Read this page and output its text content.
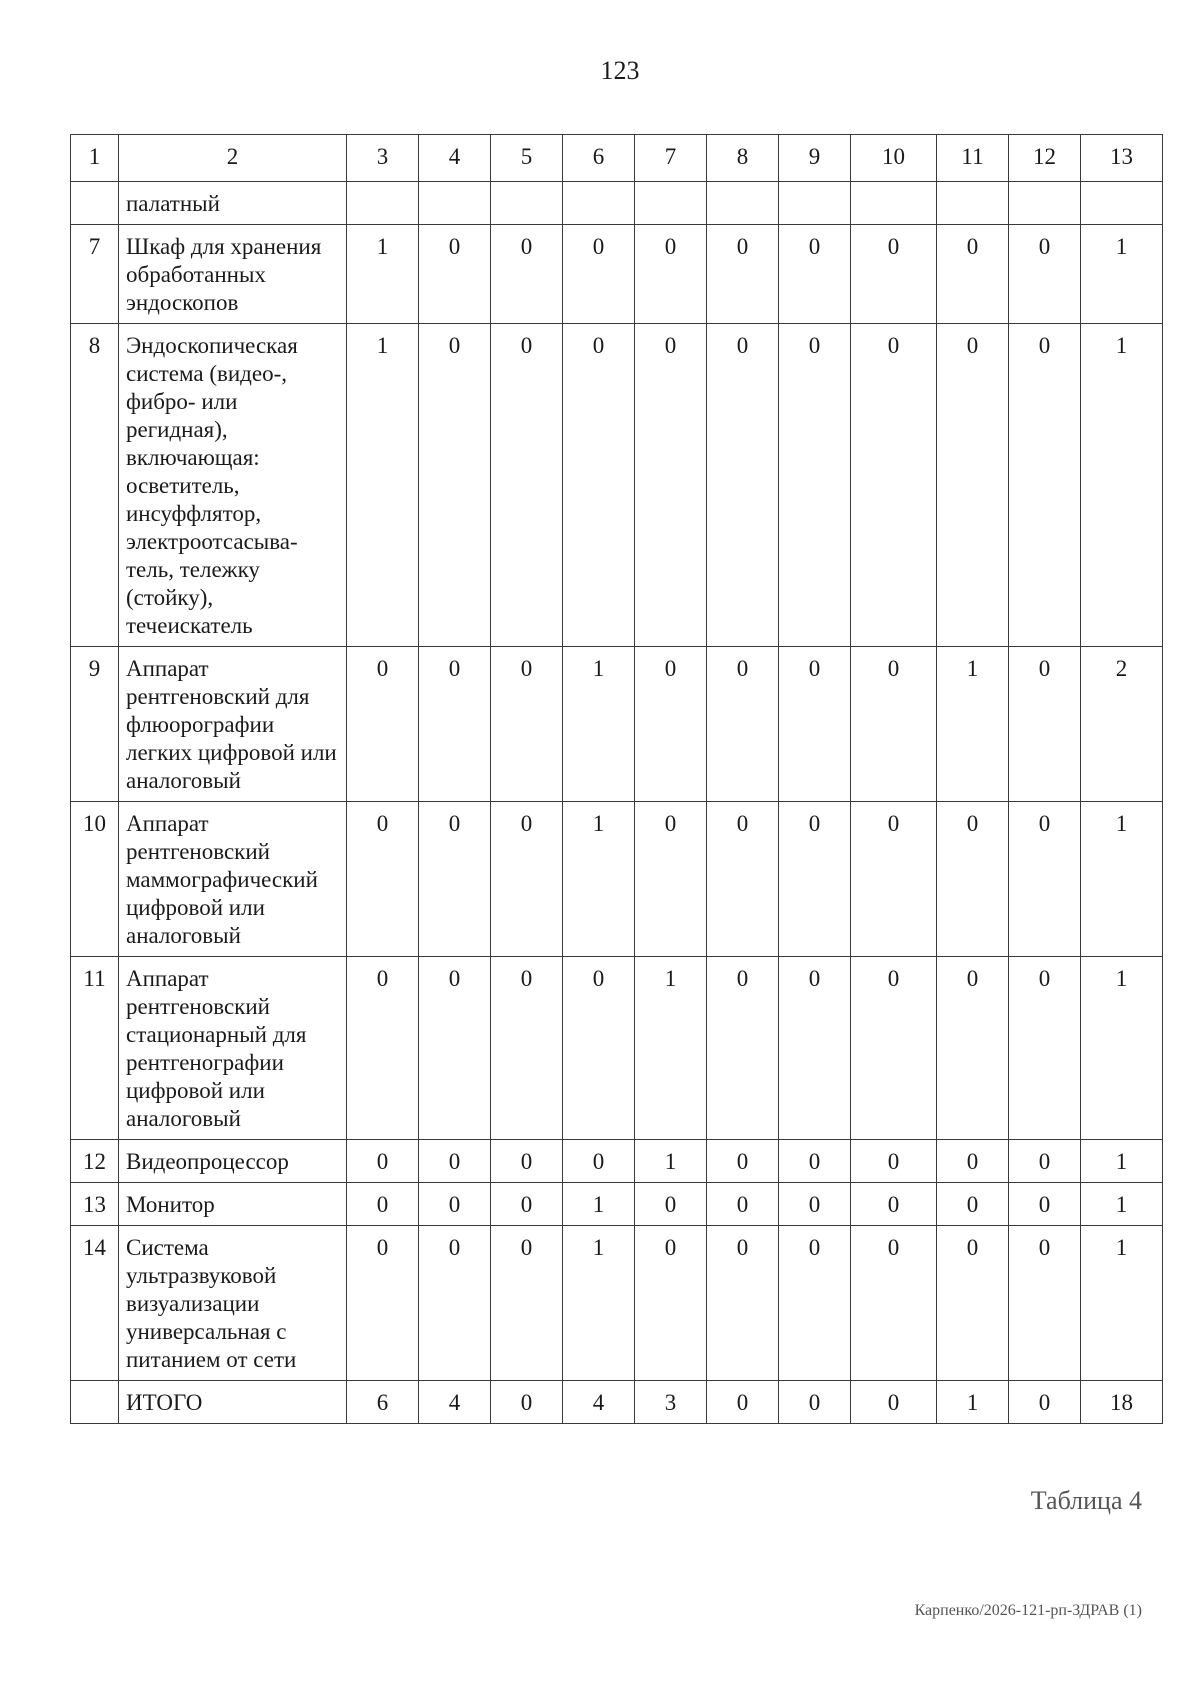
123
1	2	3	4	5	6	7	8	9	10	11	12	13
	палатный											
7	Шкаф для хранения обработанных эндоскопов	1	0	0	0	0	0	0	0	0	0	1
8	Эндоскопическая система (видео-, фибро- или регидная), включающая: осветитель, инсуффлятор, электроотсасыва-тель, тележку (стойку), течеискатель	1	0	0	0	0	0	0	0	0	0	1
9	Аппарат рентгеновский для флюорографии легких цифровой или аналоговый	0	0	0	1	0	0	0	0	1	0	2
10	Аппарат рентгеновский маммографический цифровой или аналоговый	0	0	0	1	0	0	0	0	0	0	1
11	Аппарат рентгеновский стационарный для рентгенографии цифровой или аналоговый	0	0	0	0	1	0	0	0	0	0	1
12	Видеопроцессор	0	0	0	0	1	0	0	0	0	0	1
13	Монитор	0	0	0	1	0	0	0	0	0	0	1
14	Система ультразвуковой визуализации универсальная с питанием от сети	0	0	0	1	0	0	0	0	0	0	1
	ИТОГО	6	4	0	4	3	0	0	0	1	0	18
Таблица 4
Карпенко/2026-121-рп-ЗДРАВ (1)
